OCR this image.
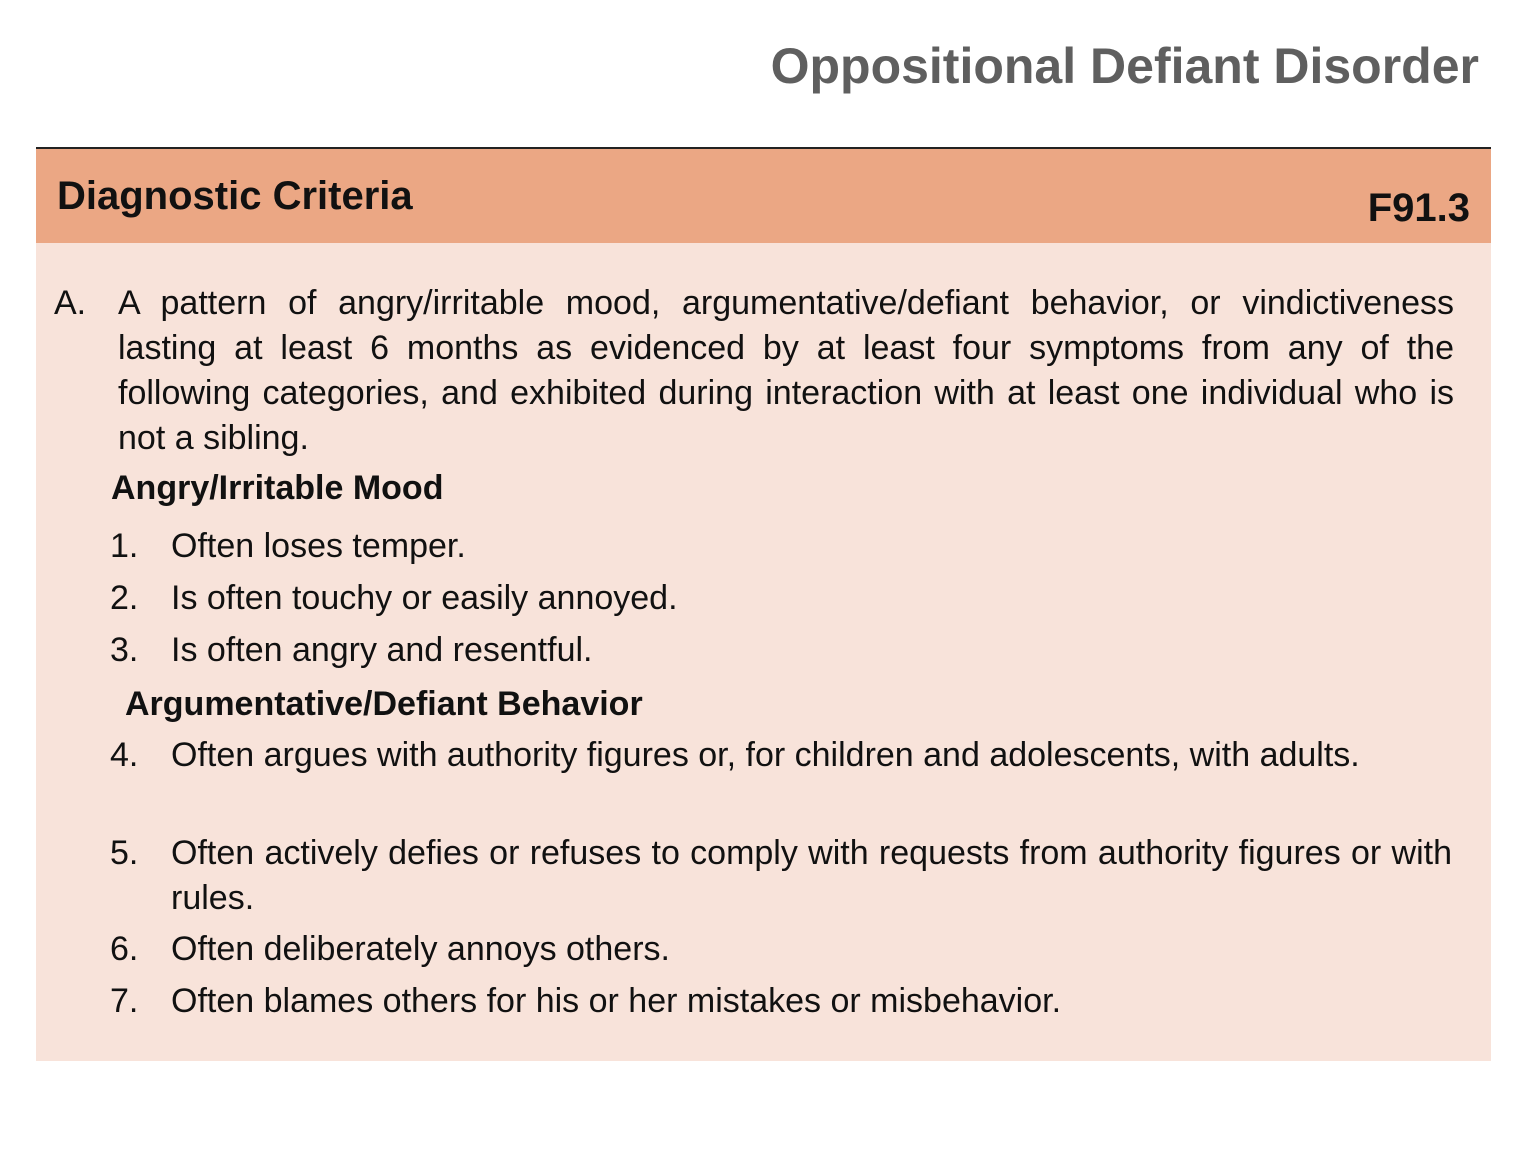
Oppositional Defiant Disorder
Diagnostic Criteria	F91.3
A. A pattern of angry/irritable mood, argumentative/defiant behavior, or vindictiveness lasting at least 6 months as evidenced by at least four symptoms from any of the following categories, and exhibited during interaction with at least one individual who is not a sibling.
Angry/Irritable Mood
1. Often loses temper.
2. Is often touchy or easily annoyed.
3. Is often angry and resentful.
Argumentative/Defiant Behavior
4. Often argues with authority figures or, for children and adolescents, with adults.
5. Often actively defies or refuses to comply with requests from authority figures or with rules.
6. Often deliberately annoys others.
7. Often blames others for his or her mistakes or misbehavior.
